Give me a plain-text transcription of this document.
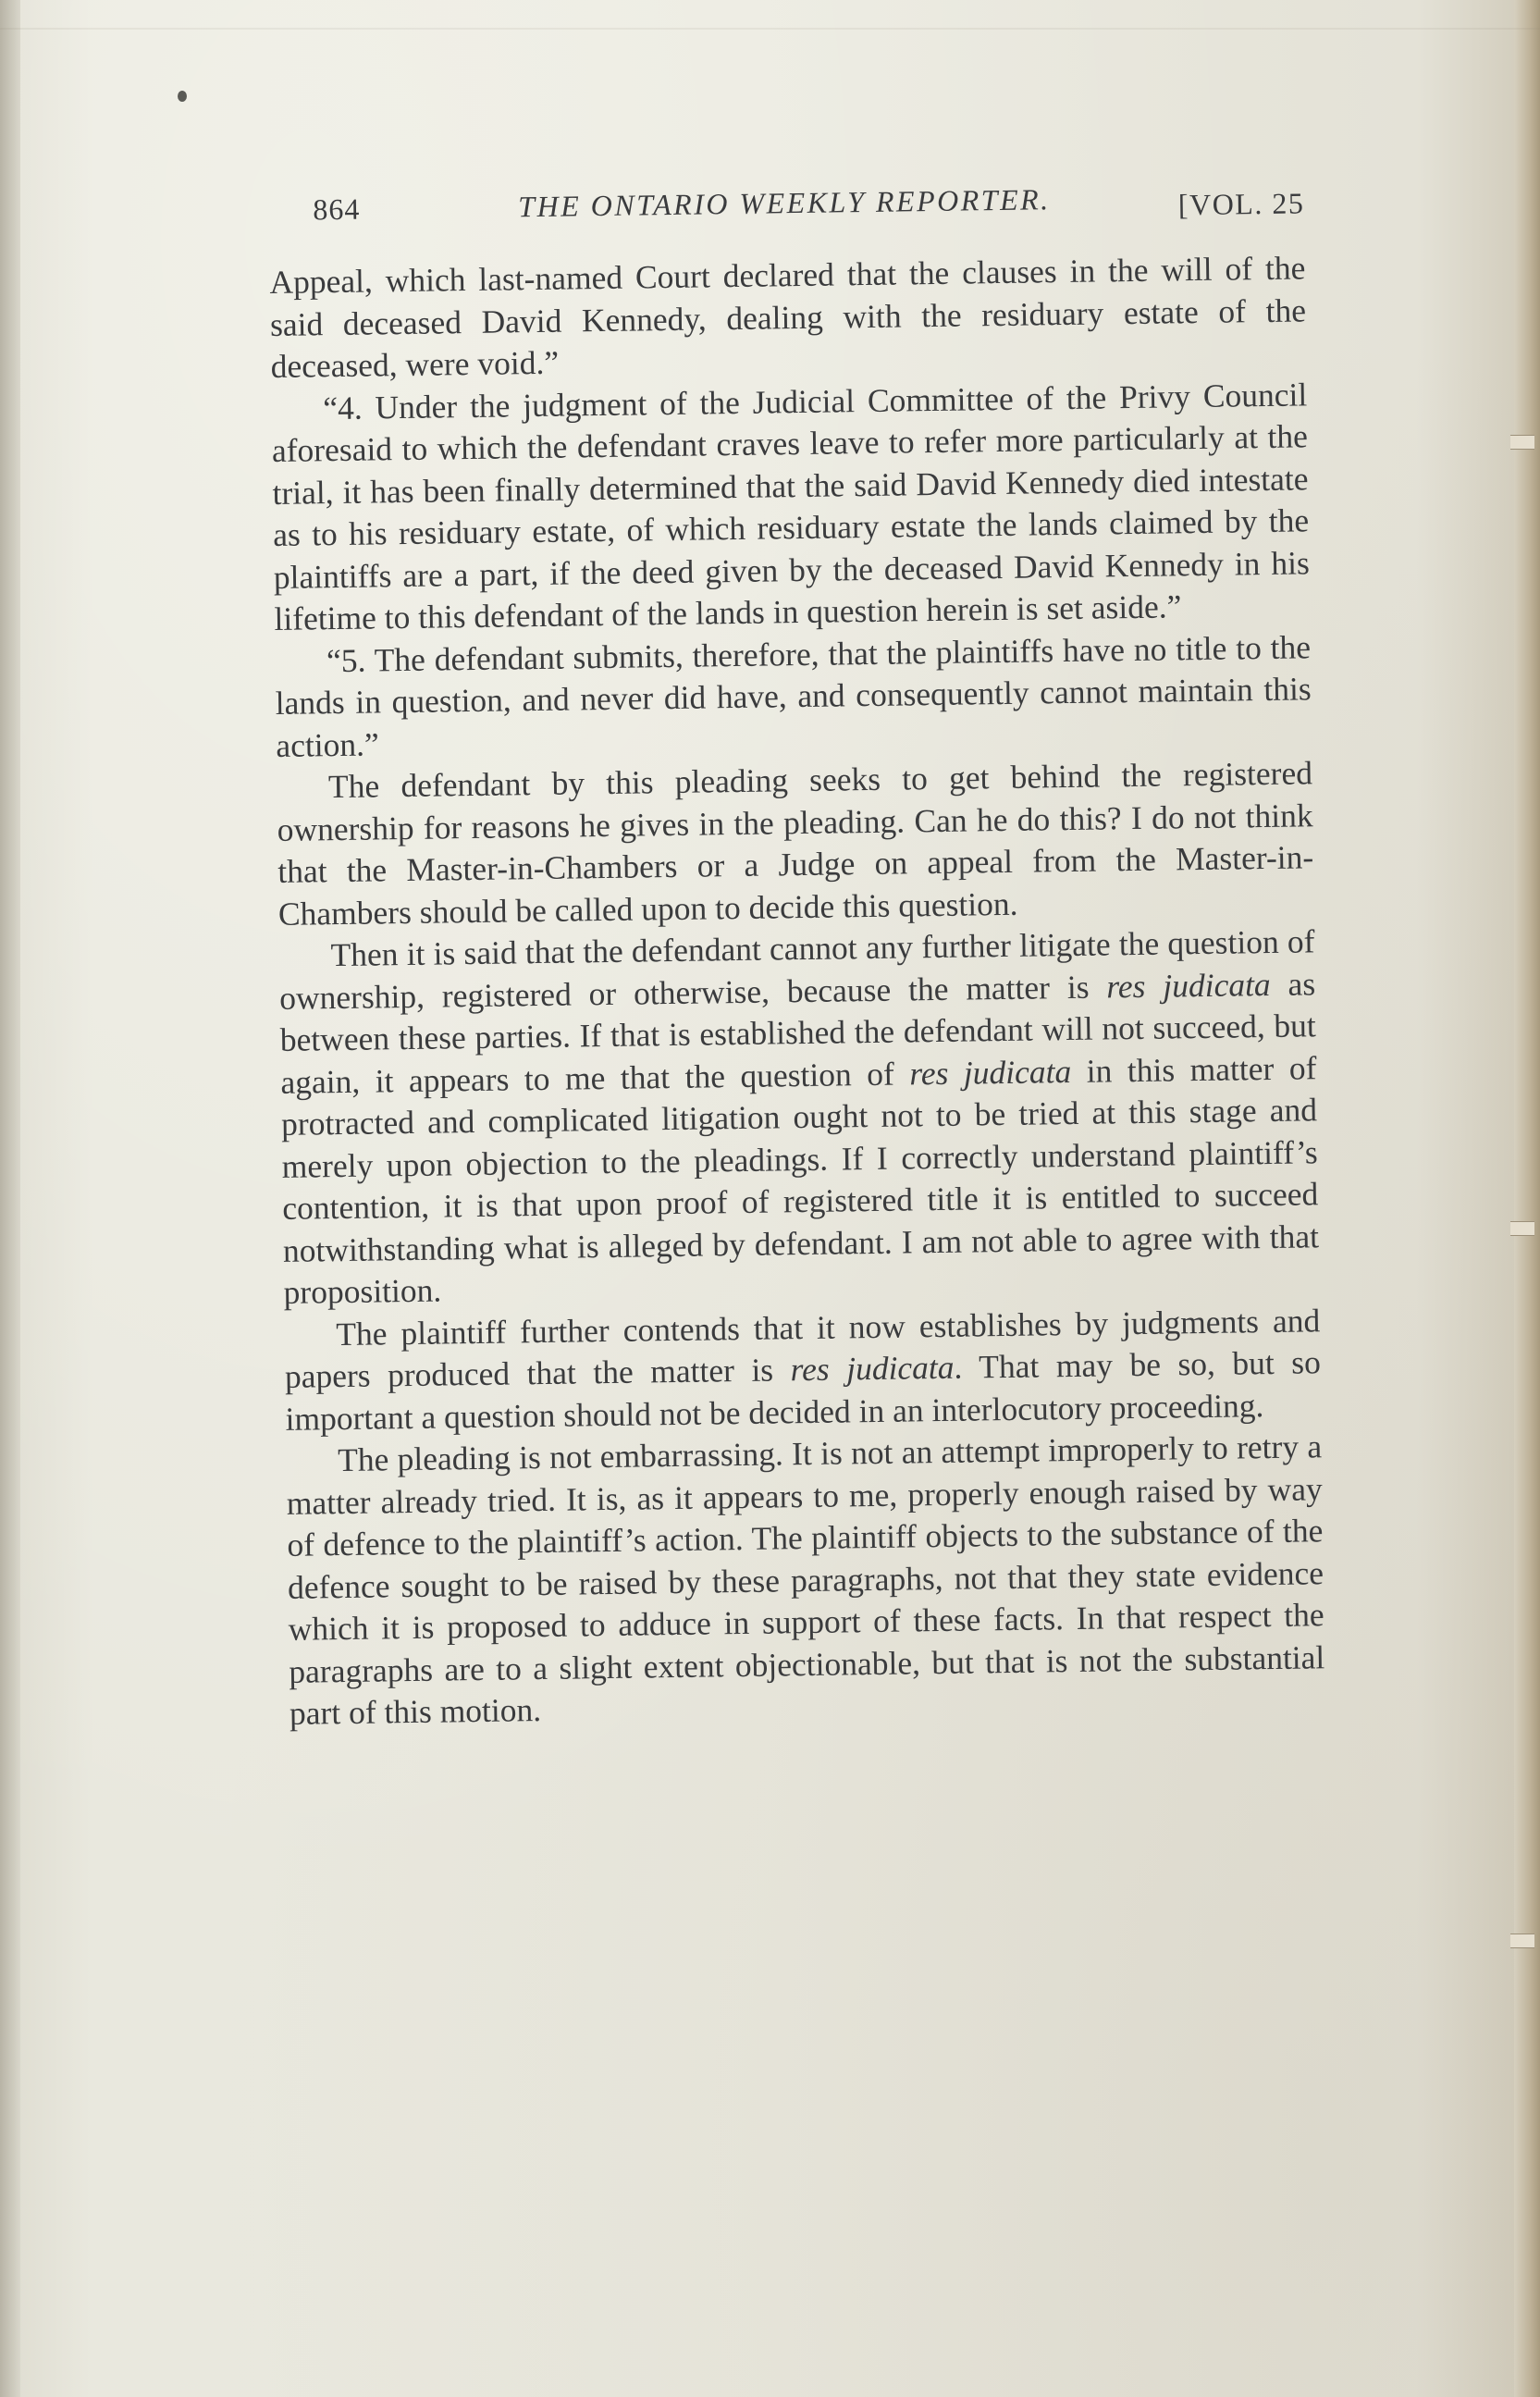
864	THE ONTARIO WEEKLY REPORTER.	[VOL. 25

Appeal, which last-named Court declared that the clauses in the will of the said deceased David Kennedy, dealing with the residuary estate of the deceased, were void.”

“4. Under the judgment of the Judicial Committee of the Privy Council aforesaid to which the defendant craves leave to refer more particularly at the trial, it has been finally determined that the said David Kennedy died intestate as to his residuary estate, of which residuary estate the lands claimed by the plaintiffs are a part, if the deed given by the deceased David Kennedy in his lifetime to this defendant of the lands in question herein is set aside.”

“5. The defendant submits, therefore, that the plaintiffs have no title to the lands in question, and never did have, and consequently cannot maintain this action.”

The defendant by this pleading seeks to get behind the registered ownership for reasons he gives in the pleading. Can he do this? I do not think that the Master-in-Chambers or a Judge on appeal from the Master-in-Chambers should be called upon to decide this question.

Then it is said that the defendant cannot any further litigate the question of ownership, registered or otherwise, because the matter is res judicata as between these parties. If that is established the defendant will not succeed, but again, it appears to me that the question of res judicata in this matter of protracted and complicated litigation ought not to be tried at this stage and merely upon objection to the pleadings. If I correctly understand plaintiff’s contention, it is that upon proof of registered title it is entitled to succeed notwithstanding what is alleged by defendant. I am not able to agree with that proposition.

The plaintiff further contends that it now establishes by judgments and papers produced that the matter is res judicata. That may be so, but so important a question should not be decided in an interlocutory proceeding.

The pleading is not embarrassing. It is not an attempt improperly to retry a matter already tried. It is, as it appears to me, properly enough raised by way of defence to the plaintiff’s action. The plaintiff objects to the substance of the defence sought to be raised by these paragraphs, not that they state evidence which it is proposed to adduce in support of these facts. In that respect the paragraphs are to a slight extent objectionable, but that is not the substantial part of this motion.
